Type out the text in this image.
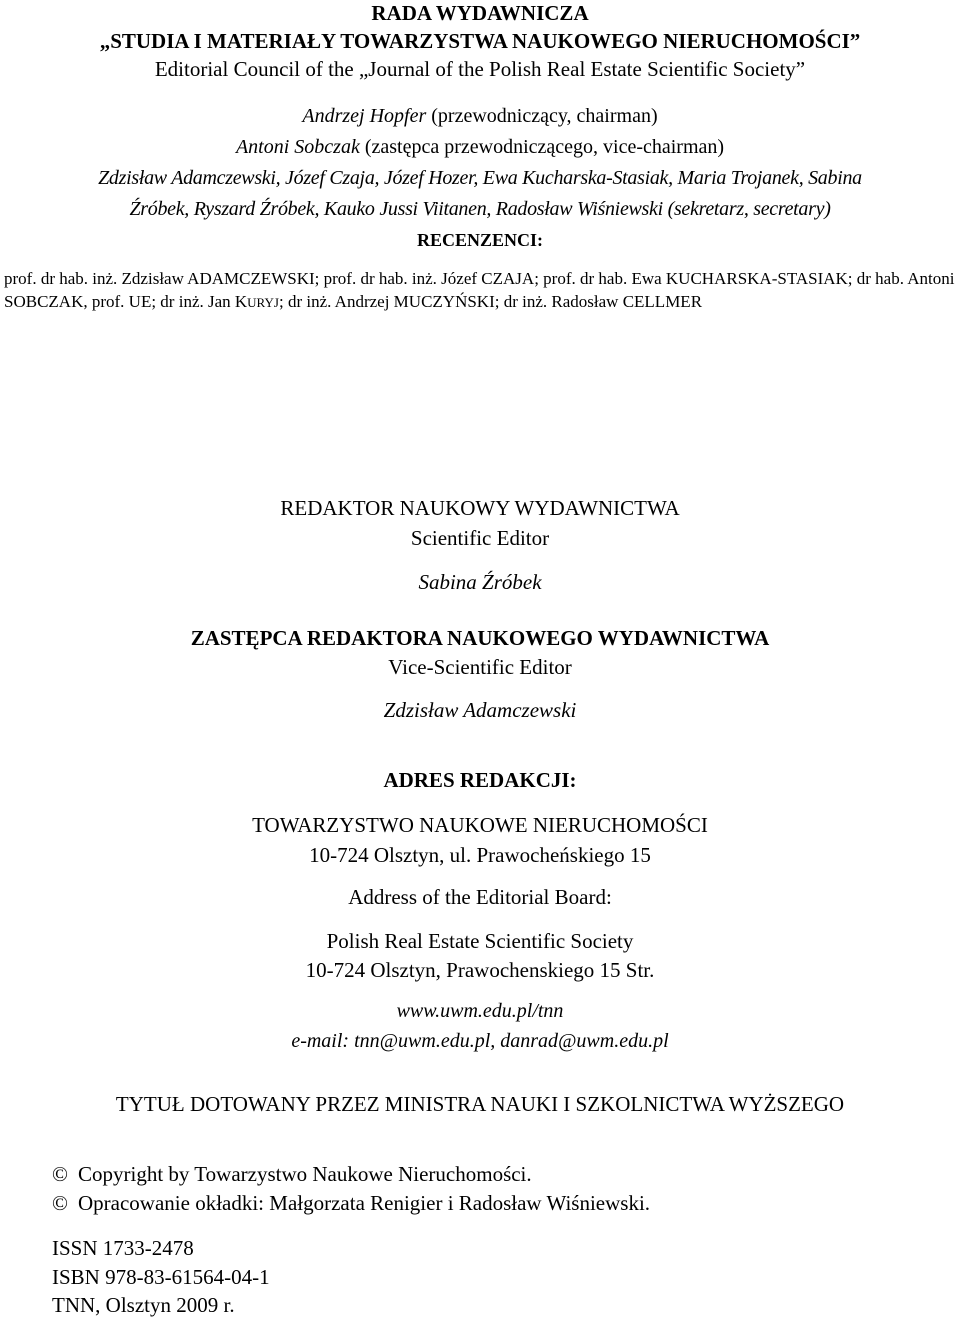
RADA WYDAWNICZA
„STUDIA I MATERIAŁY TOWARZYSTWA NAUKOWEGO NIERUCHOMOŚCI”
Editorial Council of the „Journal of the Polish Real Estate Scientific Society”
Andrzej Hopfer (przewodniczący, chairman)
Antoni Sobczak (zastępca przewodniczącego, vice-chairman)
Zdzisław Adamczewski, Józef Czaja, Józef Hozer, Ewa Kucharska-Stasiak, Maria Trojanek, Sabina
Źróbek, Ryszard Źróbek, Kauko Jussi Viitanen, Radosław Wiśniewski (sekretarz, secretary)
RECENZENCI:
prof. dr hab. inż. Zdzisław ADAMCZEWSKI; prof. dr hab. inż. Józef CZAJA; prof. dr hab. Ewa KUCHARSKA-STASIAK; dr hab. Antoni SOBCZAK, prof. UE; dr inż. Jan KURYJ; dr inż. Andrzej MUCZYŃSKI; dr inż. Radosław CELLMER
REDAKTOR NAUKOWY WYDAWNICTWA
Scientific Editor
Sabina Źróbek
ZASTĘPCA REDAKTORA NAUKOWEGO WYDAWNICTWA
Vice-Scientific Editor
Zdzisław Adamczewski
ADRES REDAKCJI:
TOWARZYSTWO NAUKOWE NIERUCHOMOŚCI
10-724 Olsztyn, ul. Prawocheńskiego 15
Address of the Editorial Board:
Polish Real Estate Scientific Society
10-724 Olsztyn, Prawochenskiego 15 Str.
www.uwm.edu.pl/tnn
e-mail: tnn@uwm.edu.pl, danrad@uwm.edu.pl
TYTUŁ DOTOWANY PRZEZ MINISTRA NAUKI I SZKOLNICTWA WYŻSZEGO
© Copyright by Towarzystwo Naukowe Nieruchomości.
© Opracowanie okładki: Małgorzata Renigier i Radosław Wiśniewski.
ISSN 1733-2478
ISBN 978-83-61564-04-1
TNN, Olsztyn 2009 r.
